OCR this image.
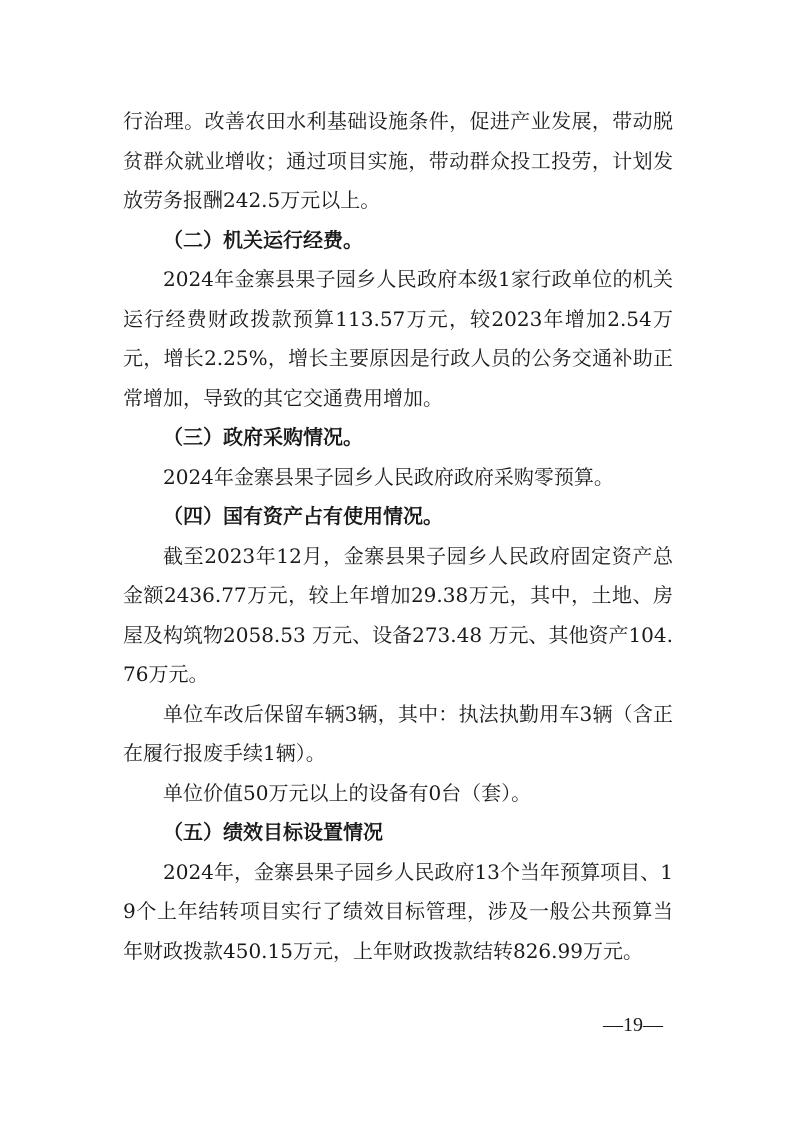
行治理。改善农田水利基础设施条件，促进产业发展，带动脱贫群众就业增收；通过项目实施，带动群众投工投劳，计划发放劳务报酬242.5万元以上。

（二）机关运行经费。

2024年金寨县果子园乡人民政府本级1家行政单位的机关运行经费财政拨款预算113.57万元，较2023年增加2.54万元，增长2.25%，增长主要原因是行政人员的公务交通补助正常增加，导致的其它交通费用增加。

（三）政府采购情况。

2024年金寨县果子园乡人民政府政府采购零预算。

（四）国有资产占有使用情况。

截至2023年12月，金寨县果子园乡人民政府固定资产总金额2436.77万元，较上年增加29.38万元，其中，土地、房屋及构筑物2058.53 万元、设备273.48 万元、其他资产104.76万元。

单位车改后保留车辆3辆，其中：执法执勤用车3辆（含正在履行报废手续1辆）。

单位价值50万元以上的设备有0台（套）。

（五）绩效目标设置情况

2024年，金寨县果子园乡人民政府13个当年预算项目、19个上年结转项目实行了绩效目标管理，涉及一般公共预算当年财政拨款450.15万元，上年财政拨款结转826.99万元。

—19—
